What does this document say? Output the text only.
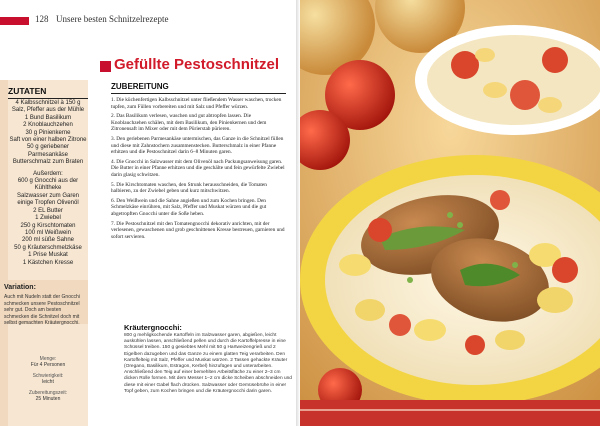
128 Unsere besten Schnitzelrezepte
Gefüllte Pestoschnitzel
ZUTATEN
4 Kalbsschnitzel à 150 g
Salz, Pfeffer aus der Mühle
1 Bund Basilikum
2 Knoblauchzehen
30 g Pinienkerne
Saft von einer halben Zitrone
50 g geriebener
Parmesankäse
Butterschmalz zum Braten
Außerdem:
600 g Gnocchi aus der
Kühltheke
Salzwasser zum Garen
einige Tropfen Olivenöl
2 EL Butter
1 Zwiebel
250 g Kirschtomaten
100 ml Weißwein
200 ml süße Sahne
50 g Kräuterschmelzkäse
1 Prise Muskat
1 Kästchen Kresse
Variation:
Auch mit Nudeln statt der Gnocchi schmecken unsere Pestoschnitzel sehr gut. Doch am besten schmecken die Schnitzel doch mit selbst gemachten Kräutergnocchi.
Menge:
Für 4 Personen
Schwierigkeit:
leicht
Zubereitungszeit:
25 Minuten
ZUBEREITUNG

1. Die küchenfertigen Kalbsschnitzel unter fließendem Wasser waschen, trocken tupfen, zum Füllen vorbereiten und mit Salz und Pfeffer würzen.

2. Das Basilikum verlesen, waschen und gut abtropfen lassen. Die Knoblauchzehen schälen, mit dem Basilikum, den Pinienkernen und dem Zitronensaft im Mixer oder mit dem Pürierstab pürieren.

3. Den geriebenen Parmesankäse untermischen, das Ganze in die Schnitzel füllen und diese mit Zahnstochern zusammenstecken. Butterschmalz in einer Pfanne erhitzen und die Pestoschnitzel darin 6–8 Minuten garen.

4. Die Gnocchi in Salzwasser mit dem Olivenöl nach Packungsanweisung garen. Die Butter in einer Pfanne erhitzen und die geschälte und fein gewürfelte Zwiebel darin glasig schwitzen.

5. Die Kirschtomaten waschen, den Strunk herausschneiden, die Tomaten halbieren, zu der Zwiebel geben und kurz mitschwitzen.

6. Den Weißwein und die Sahne angießen und zum Kochen bringen. Den Schmelzkäse einrühren, mit Salz, Pfeffer und Muskat würzen und die gut abgetropften Gnocchi unter die Soße heben.

7. Die Pestoschnitzel mit den Tomatengnocchi dekorativ anrichten, mit der verlesenen, gewaschenen und grob geschnittenen Kresse bestreuen, garnieren und sofort servieren.

Kräutergnocchi:
800 g mehligkochende Kartoffeln im Salzwasser garen, abgießen, leicht auskühlen lassen, anschließend pellen und durch die Kartoffelpresse in eine Schüssel treiben. 150 g gesiebtes Mehl mit 50 g Hartweizengrieß und 2 Eigelben dazugeben und das Ganze zu einem glatten Teig verarbeiten. Den Kartoffelteig mit Salz, Pfeffer und Muskat würzen. 2 Tassen gehackte Kräuter (Oregano, Basilikum, Estragon, Kerbel) hinzufügen und unterarbeiten. Anschließend den Teig auf einer bemehlten Arbeitsfläche zu einer 2–3 cm dicken Rolle formen. Mit dem Messer 1–2 cm dicke Scheiben abschneiden und diese mit einer Gabel flach drücken. Salzwasser oder Gemüsebrühe in einer Topf geben, zum Kochen bringen und die Kräutergnocchi darin garen.
